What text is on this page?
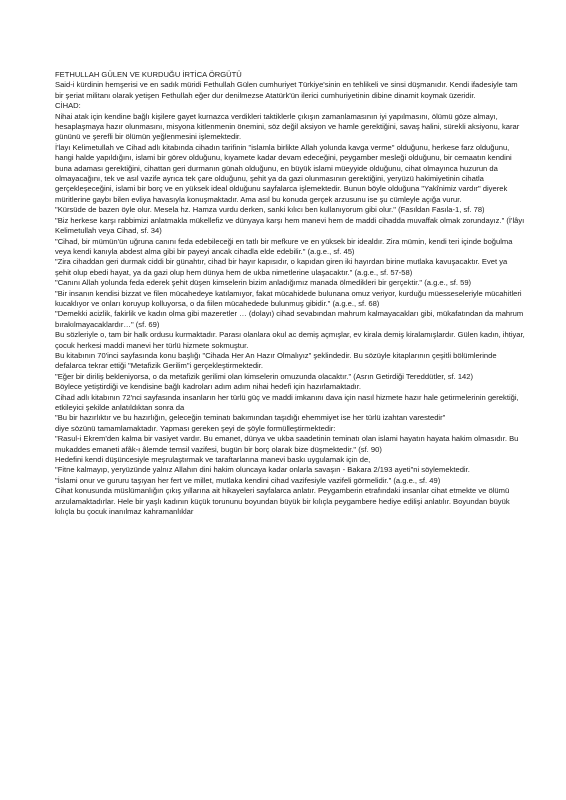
FETHULLAH GÜLEN VE KURDUĞU İRTİCA ÖRGÜTÜ

Said-i kürdinin hemşerisi ve en sadık müridi Fethullah Gülen cumhuriyet Türkiye'sinin en tehlikeli ve sinsi düşmanıdır. Kendi ifadesiyle tam bir şeriat militanı olarak yetişen Fethullah eğer dur denilmezse Atatürk'ün ilerici cumhuriyetinin dibine dinamit koymak üzeridir.

CİHAD:

Nihai atak için kendine bağlı kişilere gayet kurnazca verdikleri taktiklerle çıkışın zamanlamasının iyi yapılmasını, ölümü göze almayı, hesaplaşmaya hazır olunmasını, misyona kitlenmenin önemini, söz değil aksiyon ve hamle gerektiğini, savaş halini, sürekli aksiyonu, karar gününü ve şerefli bir ölümün yeğlenmesini işlemektedir.

İ'layı Kelimetullah ve Cihad adlı kitabında cihadın tarifinin "islamla birlikte Allah yolunda kavga verme" olduğunu, herkese farz olduğunu, hangi halde yapıldığını, islami bir görev olduğunu, kıyamete kadar devam edeceğini, peygamber mesleği olduğunu, bir cemaatın kendini buna adaması gerektiğini, cihattan geri durmanın günah olduğunu, en büyük islami müeyyide olduğunu, cihat olmayınca huzurun da olmayacağını, tek ve asıl vazife ayrıca tek çare olduğunu, şehit ya da gazi olunmasının gerektiğini, yeryüzü hakimiyetinin cihatla gerçekleşeceğini, islami bir borç ve en yüksek ideal olduğunu sayfalarca işlemektedir. Bunun böyle olduğuna "Yakînimiz vardır" diyerek müritlerine gaybı bilen evliya havasıyla konuşmaktadır. Ama asıl bu konuda gerçek arzusunu ise şu cümleyle açığa vurur.

"Kürsüde de bazen öyle olur. Mesela hz. Hamza vurdu derken, sanki kılıcı ben kullanıyorum gibi olur." (Fasıldan Fasıla-1, sf. 78)

"Biz herkese karşı rabbimizi anlatmakla mükellefiz ve dünyaya karşı hem manevi hem de maddi cihadda muvaffak olmak zorundayız." (İ'lâyı Kelimetullah veya Cihad, sf. 34)

"Cihad, bir mümün'ün uğruna canını feda edebileceği en tatlı bir mefkure ve en yüksek bir idealdır. Zira mümin, kendi teri içinde boğulma veya kendi kanıyla abdest alma gibi bir payeyi ancak cihadla elde edebilir." (a.g.e., sf. 45)

"Zira cihaddan geri durmak ciddi bir günahtır, cihad bir hayır kapısıdır, o kapıdan giren iki hayırdan birine mutlaka kavuşacaktır. Evet ya şehit olup ebedi hayat, ya da gazi olup hem dünya hem de ukba nimetlerine ulaşacaktır." (a.g.e., sf. 57-58)

"Canını Allah yolunda feda ederek şehit düşen kimselerin bizim anladığımız manada ölmedikleri bir gerçektir." (a.g.e., sf. 59)

"Bir insanın kendisi bizzat ve filen mücahedeye katılamıyor, fakat mücahidede bulunana omuz veriyor, kurduğu müesseseleriyle mücahitleri kucaklıyor ve onları koruyup kolluyorsa, o da fiilen mücahedede bulunmuş gibidir." (a.g.e., sf. 68)

"Demekki acizlik, fakirlik ve kadın olma gibi mazeretler … (dolayı) cihad sevabından mahrum kalmayacakları gibi, mükafatından da mahrum bırakılmayacaklardır…" (sf. 69)

Bu sözleriyle o, tam bir halk ordusu kurmaktadır. Parası olanlara okul ac demiş açmışlar, ev kirala demiş kiralamışlardır. Gülen kadın, ihtiyar, çocuk herkesi maddi manevi her türlü hizmete sokmuştur.

Bu kitabının 70'inci sayfasında konu başlığı "Cihada Her An Hazır Olmalıyız" şeklindedir. Bu sözüyle kitaplarının çeşitli bölümlerinde defalarca tekrar ettiği "Metafizik Gerilim"i gerçekleştirmektedir.

"Eğer bir diriliş bekleniyorsa, o da metafizik gerilimi olan kimselerin omuzunda olacaktır." (Asrın Getirdiği Tereddütler, sf. 142)

Böylece yetiştirdiği ve kendisine bağlı kadroları adım adım nihai hedefi için hazırlamaktadır.

Cihad adlı kitabının 72'nci sayfasında insanların her türlü güç ve maddi imkanını dava için nasıl hizmete hazır hale getirmelerinin gerektiği, etkileyici şekilde anlatıldıktan sonra da

"Bu bir hazırlıktır ve bu hazırlığın, geleceğin teminatı bakımından taşıdığı ehemmiyet ise her türlü izahtan varestedir"

diye sözünü tamamlamaktadır. Yapması gereken şeyi de şöyle formülleştirmektedir:

"Rasul-i Ekrem'den kalma bir vasiyet vardır. Bu emanet, dünya ve ukba saadetinin teminatı olan islami hayatın hayata hakim olmasıdır. Bu mukaddes emaneti afâk-ı âlemde temsil vazifesi, bugün bir borç olarak bize düşmektedir." (sf. 90)

Hedefini kendi düşüncesiyle meşrulaştırmak ve taraftarlarına manevi baskı uygulamak için de,

"Fitne kalmayıp, yeryüzünde yalnız Allahın dini hakim oluncaya kadar onlarla savaşın - Bakara 2/193 ayeti"ni söylemektedir.

"İslami onur ve gururu taşıyan her fert ve millet, mutlaka kendini cihad vazifesiyle vazifeli görmelidir." (a.g.e., sf. 49)

Cihat konusunda müslümanlığın çıkış yıllarına ait hikayeleri sayfalarca anlatır. Peygamberin etrafındaki insanlar cihat etmekte ve ölümü arzulamaktadırlar. Hele bir yaşlı kadının küçük torununu boyundan büyük bir kılıçla peygambere hediye edilişi anlatılır. Boyundan büyük kılıçla bu çocuk inanılmaz kahramanlıklar
